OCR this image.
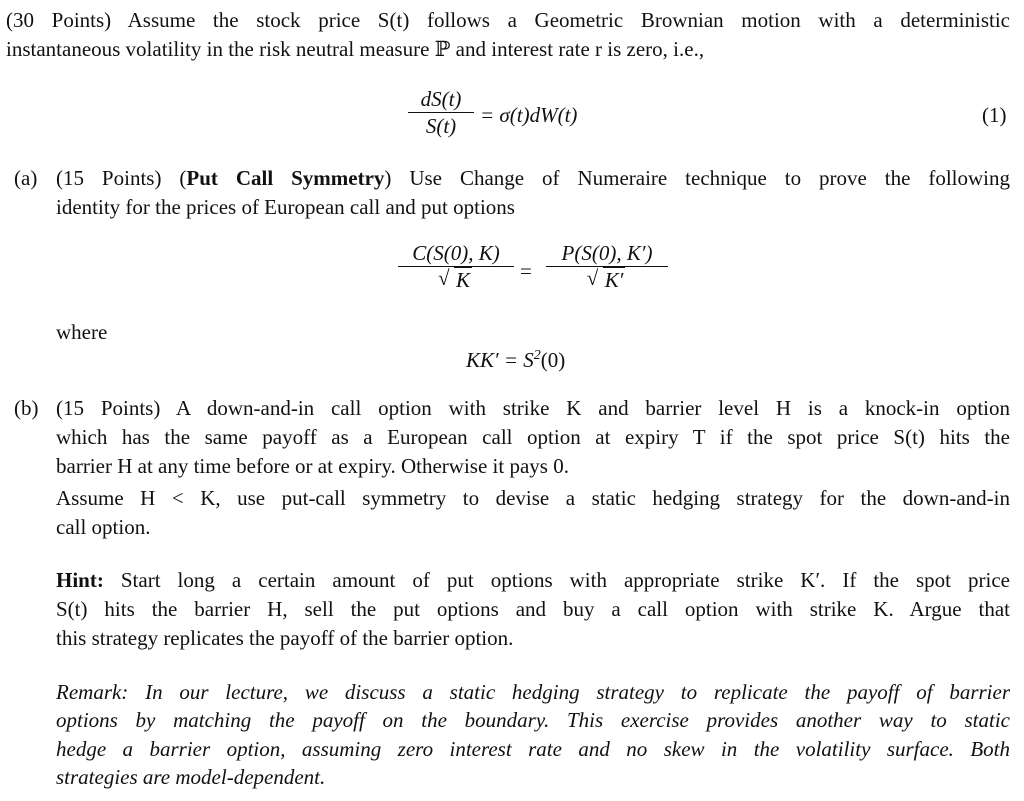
(30 Points) Assume the stock price S(t) follows a Geometric Brownian motion with a deterministic
instantaneous volatility in the risk neutral measure ℙ and interest rate r is zero, i.e.,
dS(t)
S(t)	= σ(t)dW(t)	(1)
(a) (15 Points) (Put Call Symmetry) Use Change of Numeraire technique to prove the following
identity for the prices of European call and put options
C(S(0), K)
√ K	=
P(S(0), K′)
√ K′
where
$KK' = S^2(0)$
(b) (15 Points) A down-and-in call option with strike K and barrier level H is a knock-in option
which has the same payoff as a European call option at expiry T if the spot price S(t) hits the
barrier H at any time before or at expiry. Otherwise it pays 0.
Assume H < K, use put-call symmetry to devise a static hedging strategy for the down-and-in
call option.
Hint: Start long a certain amount of put options with appropriate strike K′. If the spot price
S(t) hits the barrier H, sell the put options and buy a call option with strike K. Argue that
this strategy replicates the payoff of the barrier option.
Remark: In our lecture, we discuss a static hedging strategy to replicate the payoff of barrier
options by matching the payoff on the boundary. This exercise provides another way to static
hedge a barrier option, assuming zero interest rate and no skew in the volatility surface. Both
strategies are model-dependent.
